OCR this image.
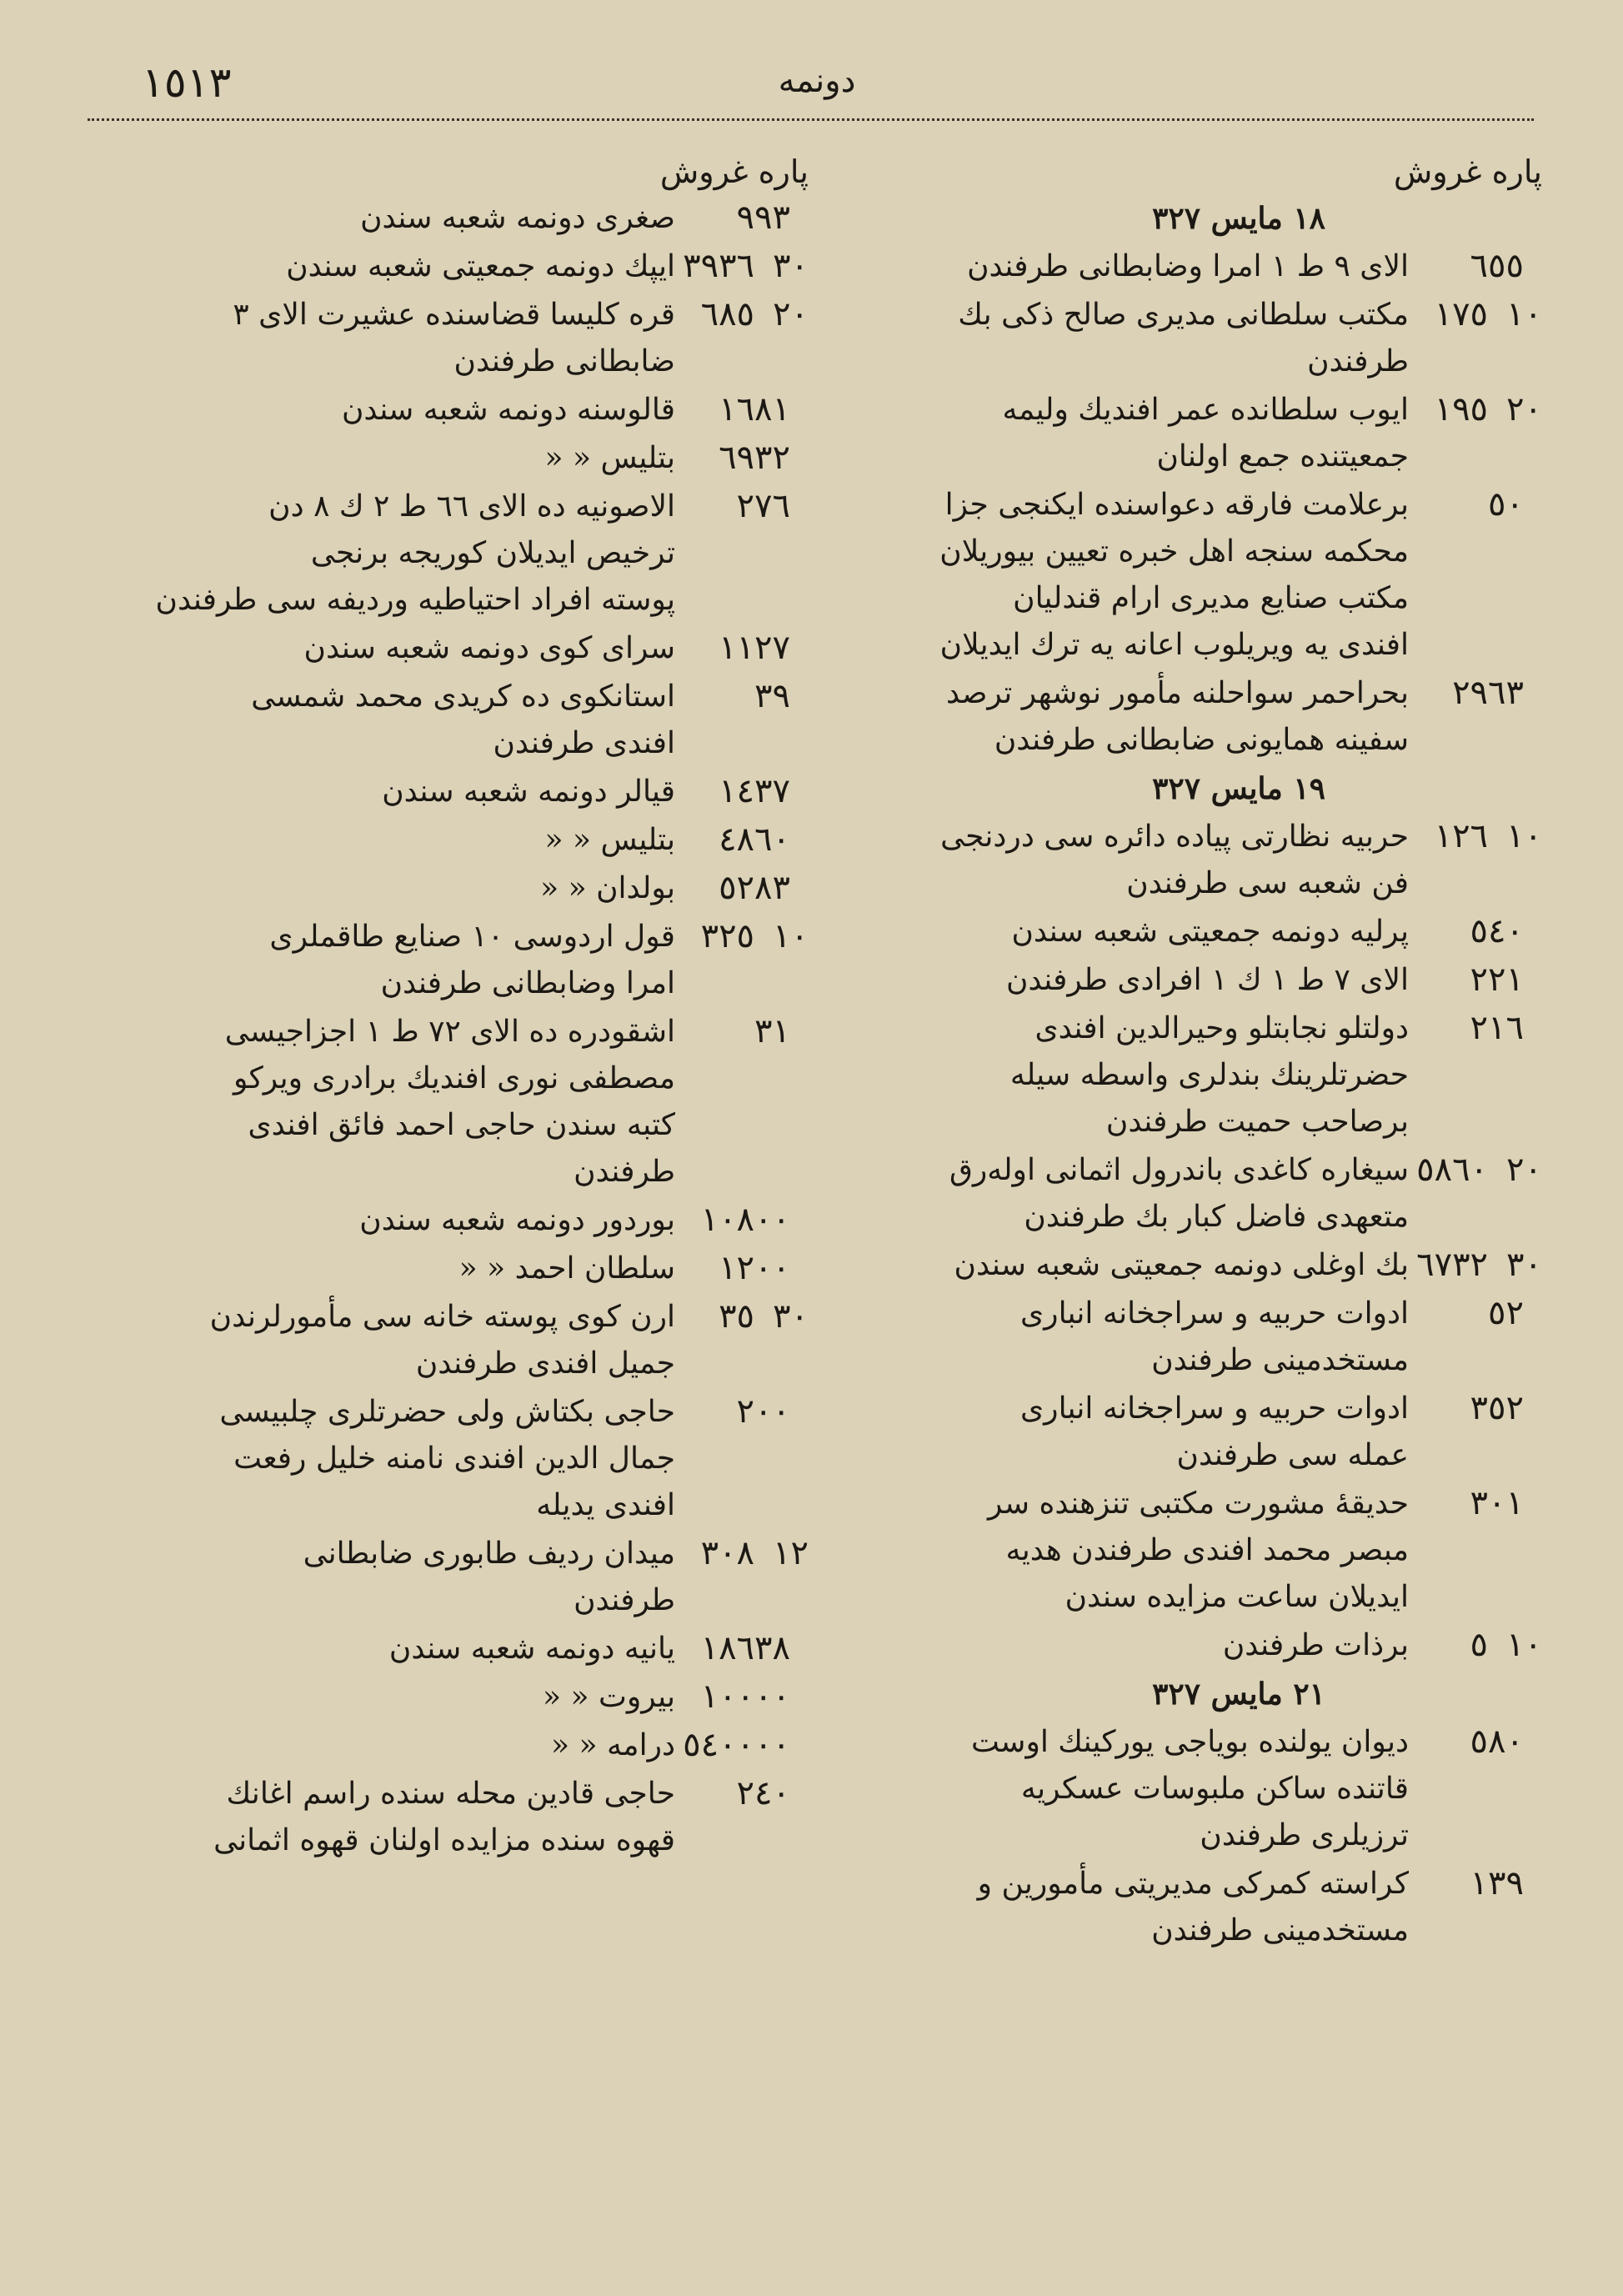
١٥١٣	دونمه
پاره غروش
١٨ مايس ٣٢٧
٦٥٥
الاى ٩ ط ١ امرا وضابطانى طرفندن
١٠
١٧٥
مكتب سلطانى مديرى صالح ذكى بك
طرفندن
٢٠
١٩٥
ايوب سلطانده عمر افنديك وليمه
جمعيتنده جمع اولنان
٥٠
برعلامت فارقه دعواسنده ايكنجى جزا
محكمه سنجه اهل خبره تعيين بيوريلان
مكتب صنايع مديرى ارام قندليان
افندى يه ويريلوب اعانه يه ترك ايديلان
٢٩٦٣
بحراحمر سواحلنه مأمور نوشهر ترصد
سفينه همايونى ضابطانى طرفندن
١٩ مايس ٣٢٧
١٠
١٢٦
حربيه نظارتى پياده دائره سى دردنجى
فن شعبه سى طرفندن
٥٤٠
پرليه دونمه جمعيتى شعبه سندن
٢٢١
الاى ٧ ط ١ ك ١ افرادى طرفندن
٢١٦
دولتلو نجابتلو وحيرالدين افندى
حضرتلرينك بندلرى واسطه سيله
برصاحب حميت طرفندن
٢٠
٥٨٦٠
سيغاره كاغدى باندرول اثمانى اولەرق
متعهدى فاضل كبار بك طرفندن
٣٠
٦٧٣٢
بك اوغلى دونمه جمعيتى شعبه سندن
٥٢
ادوات حربيه و سراجخانه انبارى
مستخدمينى طرفندن
٣٥٢
ادوات حربيه و سراجخانه انبارى
عمله سى طرفندن
٣٠١
حديقهٔ مشورت مكتبى تنزهنده سر
مبصر محمد افندى طرفندن هديه
ايديلان ساعت مزايده سندن
١٠
٥
برذات طرفندن
٢١ مايس ٣٢٧
٥٨٠
ديوان يولنده بوياجى يوركينك اوست
قاتنده ساكن ملبوسات عسكريه
ترزيلرى طرفندن
١٣٩
كراسته كمركى مديريتى مأمورين و
مستخدمينى طرفندن
پاره غروش
٩٩٣
صغرى دونمه شعبه سندن
٣٠
٣٩٣٦
ايپك دونمه جمعيتى شعبه سندن
٢٠
٦٨٥
قره كليسا قضاسنده عشيرت الاى ٣
ضابطانى طرفندن
١٦٨١
قالوسنه دونمه شعبه سندن
٦٩٣٢
بتليس « «
٢٧٦
الاصونيه ده الاى ٦٦ ط ٢ ك ٨ دن
ترخيص ايديلان كوريجه برنجى
پوسته افراد احتياطيه ورديفه سى طرفندن
١١٢٧
سراى كوى دونمه شعبه سندن
٣٩
استانكوى ده كريدى محمد شمسى
افندى طرفندن
١٤٣٧
قيالر دونمه شعبه سندن
٤٨٦٠
بتليس « «
٥٢٨٣
بولدان « «
١٠
٣٢٥
قول اردوسى ١٠ صنايع طاقملرى
امرا وضابطانى طرفندن
٣١
اشقودره ده الاى ٧٢ ط ١ اجزاجيسى
مصطفى نورى افنديك برادرى ويركو
كتبه سندن حاجى احمد فائق افندى
طرفندن
١٠٨٠٠
بوردور دونمه شعبه سندن
١٢٠٠
سلطان احمد « «
٣٠
٣٥
ارن كوى پوسته خانه سى مأمورلرندن
جميل افندى طرفندن
٢٠٠
حاجى بكتاش ولى حضرتلرى چلبيسى
جمال الدين افندى نامنه خليل رفعت
افندى يديله
١٢
٣٠٨
ميدان رديف طابورى ضابطانى
طرفندن
١٨٦٣٨
يانيه دونمه شعبه سندن
١٠٠٠٠
بيروت « «
٥٤٠٠٠٠
درامه « «
٢٤٠
حاجى قادين محله سنده راسم اغانك
قهوه سنده مزايده اولنان قهوه اثمانى
